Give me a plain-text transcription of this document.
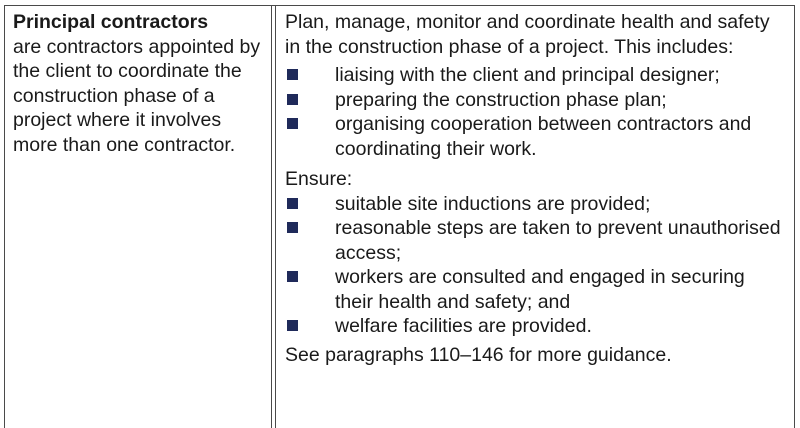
Principal contractors
are contractors appointed by the client to coordinate the construction phase of a project where it involves more than one contractor.

Plan, manage, monitor and coordinate health and safety in the construction phase of a project. This includes:

liaising with the client and principal designer;
preparing the construction phase plan;
organising cooperation between contractors and coordinating their work.

Ensure:

suitable site inductions are provided;
reasonable steps are taken to prevent unauthorised access;
workers are consulted and engaged in securing their health and safety; and
welfare facilities are provided.

See paragraphs 110–146 for more guidance.
